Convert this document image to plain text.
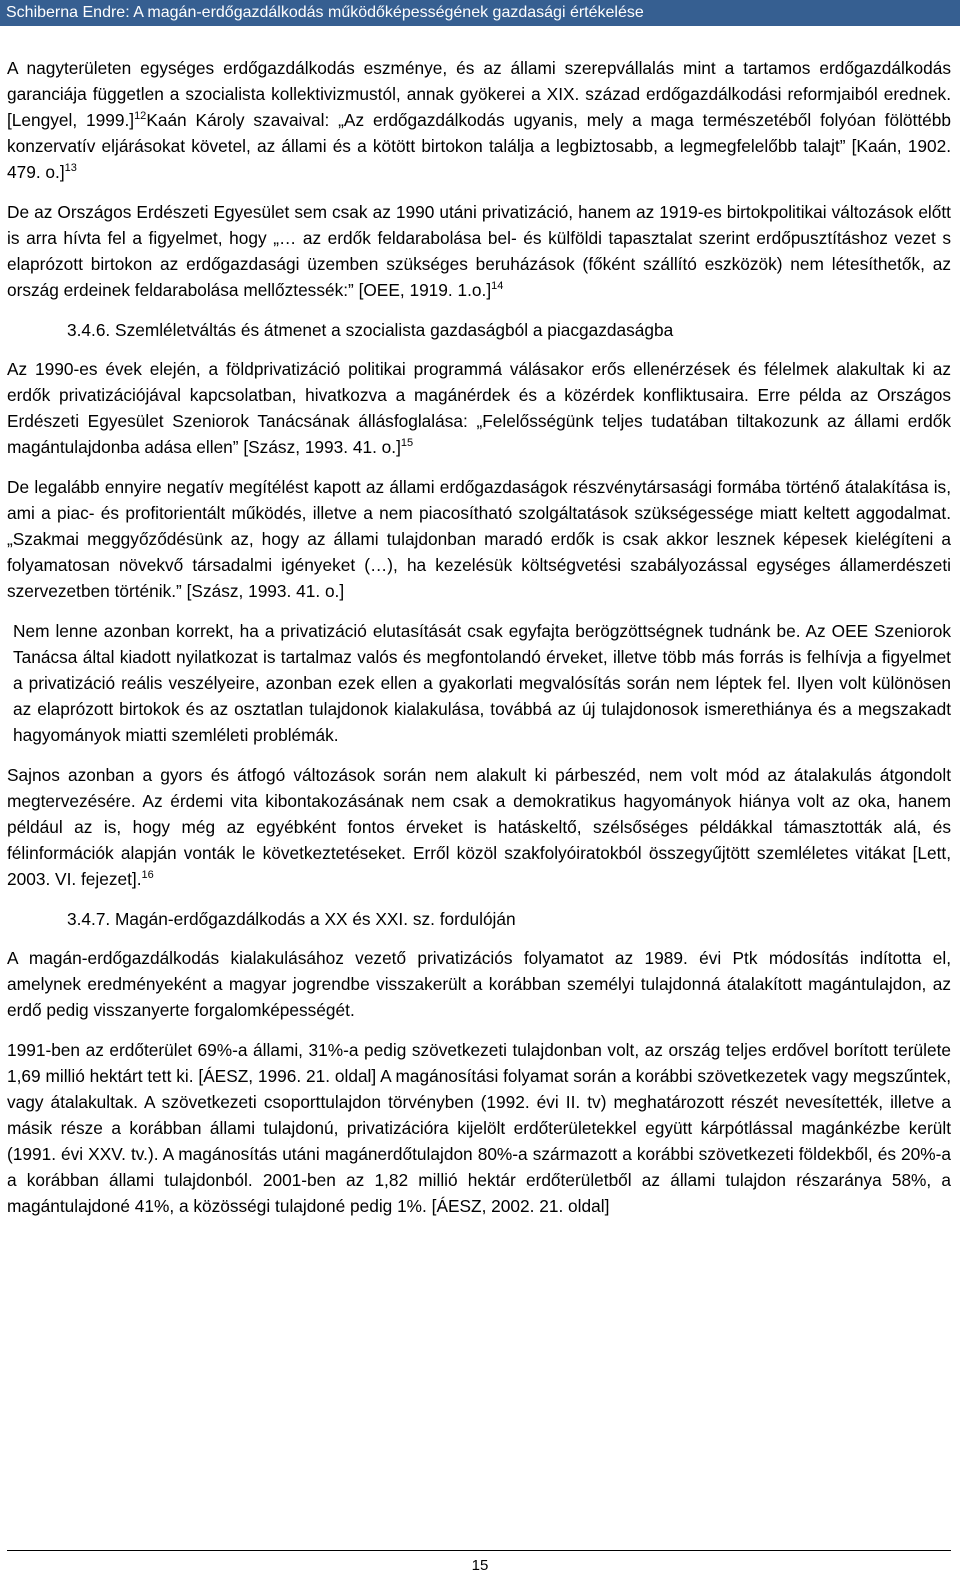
Schiberna Endre: A magán-erdőgazdálkodás működőképességének gazdasági értékelése

A nagyterületen egységes erdőgazdálkodás eszménye, és az állami szerepvállalás mint a tartamos erdőgazdálkodás garanciája független a szocialista kollektivizmustól, annak gyökerei a XIX. század erdőgazdálkodási reformjaiból erednek. [Lengyel, 1999.]$^{12}$Kaán Károly szavaival: „Az erdőgazdálkodás ugyanis, mely a maga természetéből folyóan fölöttébb konzervatív eljárásokat követel, az állami és a kötött birtokon találja a legbiztosabb, a legmegfelelőbb talajt” [Kaán, 1902. 479. o.]$^{13}$

De az Országos Erdészeti Egyesület sem csak az 1990 utáni privatizáció, hanem az 1919-es birtokpolitikai változások előtt is arra hívta fel a figyelmet, hogy „… az erdők feldarabolása bel- és külföldi tapasztalat szerint erdőpusztításhoz vezet s elaprózott birtokon az erdőgazdasági üzemben szükséges beruházások (főként szállító eszközök) nem létesíthetők, az ország erdeinek feldarabolása mellőztessék:” [OEE, 1919. 1.o.]$^{14}$

3.4.6. Szemléletváltás és átmenet a szocialista gazdaságból a piacgazdaságba

Az 1990-es évek elején, a földprivatizáció politikai programmá válásakor erős ellenérzések és félelmek alakultak ki az erdők privatizációjával kapcsolatban, hivatkozva a magánérdek és a közérdek konfliktusaira. Erre példa az Országos Erdészeti Egyesület Szeniorok Tanácsának állásfoglalása: „Felelősségünk teljes tudatában tiltakozunk az állami erdők magántulajdonba adása ellen” [Szász, 1993. 41. o.]$^{15}$

De legalább ennyire negatív megítélést kapott az állami erdőgazdaságok részvénytársasági formába történő átalakítása is, ami a piac- és profitorientált működés, illetve a nem piacosítható szolgáltatások szükségessége miatt keltett aggodalmat. „Szakmai meggyőződésünk az, hogy az állami tulajdonban maradó erdők is csak akkor lesznek képesek kielégíteni a folyamatosan növekvő társadalmi igényeket (…), ha kezelésük költségvetési szabályozással egységes államerdészeti szervezetben történik.” [Szász, 1993. 41. o.]

Nem lenne azonban korrekt, ha a privatizáció elutasítását csak egyfajta berögzöttségnek tudnánk be. Az OEE Szeniorok Tanácsa által kiadott nyilatkozat is tartalmaz valós és megfontolandó érveket, illetve több más forrás is felhívja a figyelmet a privatizáció reális veszélyeire, azonban ezek ellen a gyakorlati megvalósítás során nem léptek fel. Ilyen volt különösen az elaprózott birtokok és az osztatlan tulajdonok kialakulása, továbbá az új tulajdonosok ismerethiánya és a megszakadt hagyományok miatti szemléleti problémák.

Sajnos azonban a gyors és átfogó változások során nem alakult ki párbeszéd, nem volt mód az átalakulás átgondolt megtervezésére. Az érdemi vita kibontakozásának nem csak a demokratikus hagyományok hiánya volt az oka, hanem például az is, hogy még az egyébként fontos érveket is hatáskeltő, szélsőséges példákkal támasztották alá, és félinformációk alapján vonták le következtetéseket. Erről közöl szakfolyóiratokból összegyűjtött szemléletes vitákat [Lett, 2003. VI. fejezet].$^{16}$

3.4.7. Magán-erdőgazdálkodás a XX és XXI. sz. fordulóján

A magán-erdőgazdálkodás kialakulásához vezető privatizációs folyamatot az 1989. évi Ptk módosítás indította el, amelynek eredményeként a magyar jogrendbe visszakerült a korábban személyi tulajdonná átalakított magántulajdon, az erdő pedig visszanyerte forgalomképességét.

1991-ben az erdőterület 69%-a állami, 31%-a pedig szövetkezeti tulajdonban volt, az ország teljes erdővel borított területe 1,69 millió hektárt tett ki. [ÁESZ, 1996. 21. oldal] A magánosítási folyamat során a korábbi szövetkezetek vagy megszűntek, vagy átalakultak. A szövetkezeti csoporttulajdon törvényben (1992. évi II. tv) meghatározott részét nevesítették, illetve a másik része a korábban állami tulajdonú, privatizációra kijelölt erdőterületekkel együtt kárpótlással magánkézbe került (1991. évi XXV. tv.). A magánosítás utáni magánerdőtulajdon 80%-a származott a korábbi szövetkezeti földekből, és 20%-a a korábban állami tulajdonból. 2001-ben az 1,82 millió hektár erdőterületből az állami tulajdon részaránya 58%, a magántulajdoné 41%, a közösségi tulajdoné pedig 1%. [ÁESZ, 2002. 21. oldal]

15
